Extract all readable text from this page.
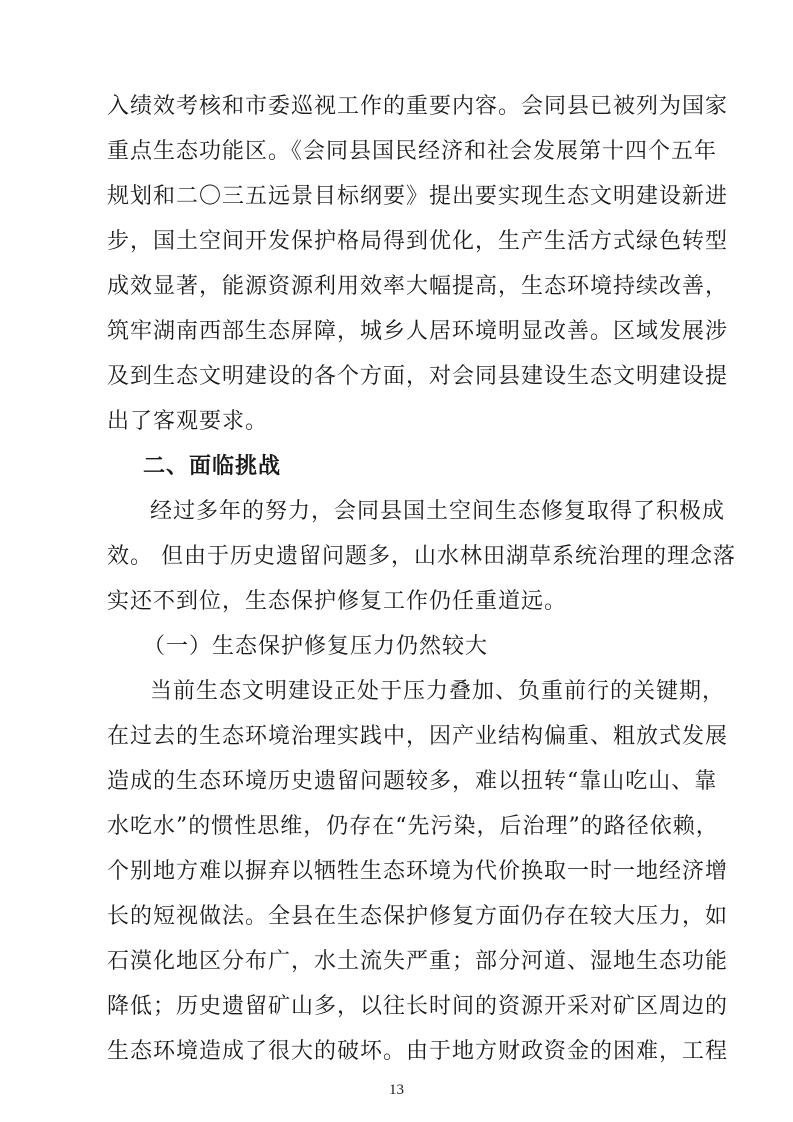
入绩效考核和市委巡视工作的重要内容。会同县已被列为国家
重点生态功能区。《会同县国民经济和社会发展第十四个五年
规划和二〇三五远景目标纲要》提出要实现生态文明建设新进
步，国土空间开发保护格局得到优化，生产生活方式绿色转型
成效显著，能源资源利用效率大幅提高，生态环境持续改善，
筑牢湖南西部生态屏障，城乡人居环境明显改善。区域发展涉
及到生态文明建设的各个方面，对会同县建设生态文明建设提
出了客观要求。
二、面临挑战
经过多年的努力，会同县国土空间生态修复取得了积极成
效。 但由于历史遗留问题多，山水林田湖草系统治理的理念落
实还不到位，生态保护修复工作仍任重道远。
（一）生态保护修复压力仍然较大
当前生态文明建设正处于压力叠加、负重前行的关键期，
在过去的生态环境治理实践中，因产业结构偏重、粗放式发展
造成的生态环境历史遗留问题较多，难以扭转“靠山吃山、靠
水吃水”的惯性思维，仍存在“先污染，后治理”的路径依赖，
个别地方难以摒弃以牺牲生态环境为代价换取一时一地经济增
长的短视做法。全县在生态保护修复方面仍存在较大压力，如
石漠化地区分布广，水土流失严重；部分河道、湿地生态功能
降低；历史遗留矿山多，以往长时间的资源开采对矿区周边的
生态环境造成了很大的破坏。由于地方财政资金的困难，工程
13
